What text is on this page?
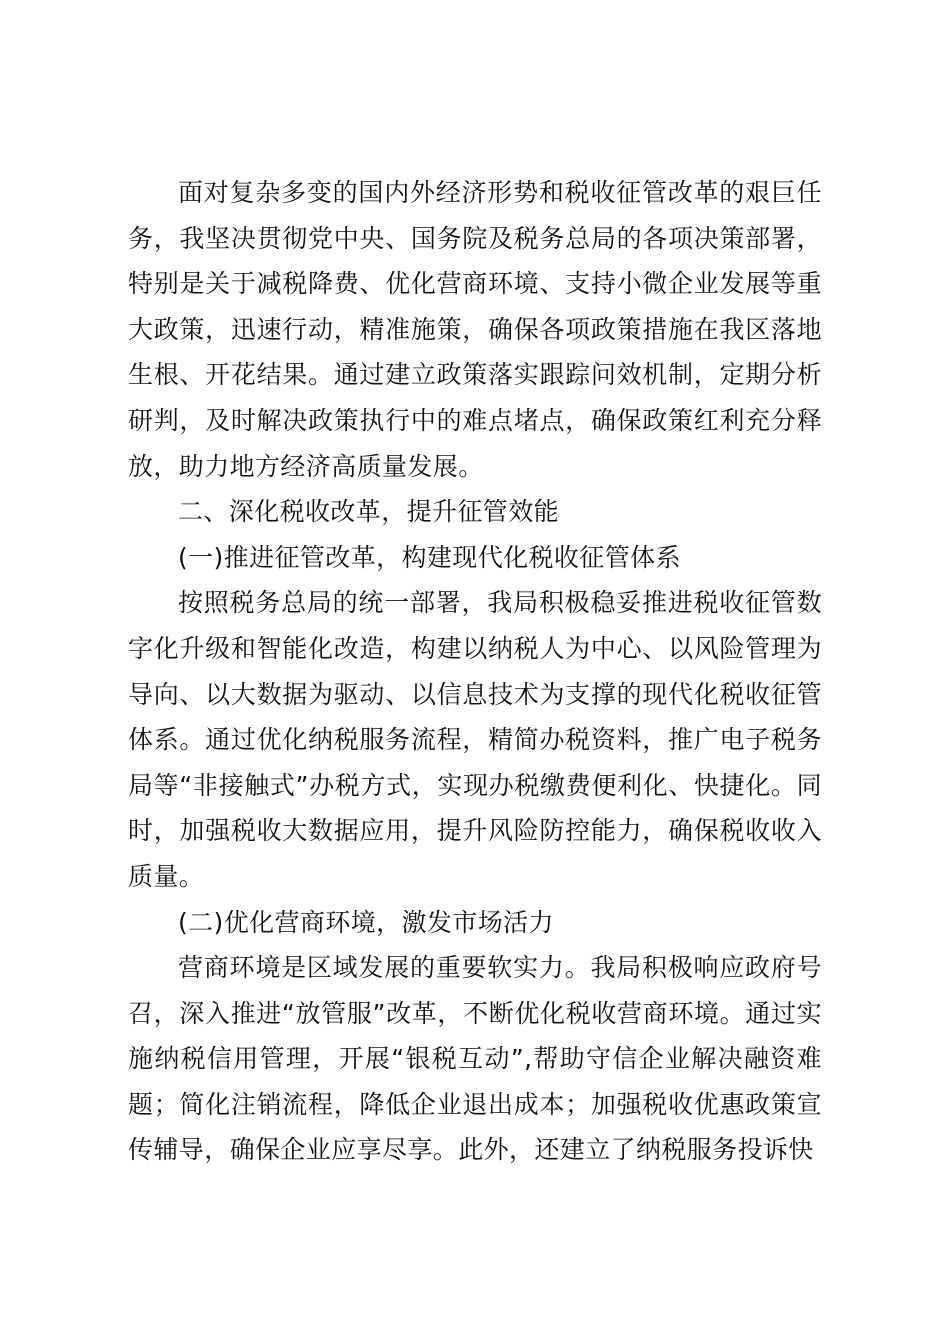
面对复杂多变的国内外经济形势和税收征管改革的艰巨任务，我坚决贯彻党中央、国务院及税务总局的各项决策部署，特别是关于减税降费、优化营商环境、支持小微企业发展等重大政策，迅速行动，精准施策，确保各项政策措施在我区落地生根、开花结果。通过建立政策落实跟踪问效机制，定期分析研判，及时解决政策执行中的难点堵点，确保政策红利充分释放，助力地方经济高质量发展。

二、深化税收改革，提升征管效能

(一)推进征管改革，构建现代化税收征管体系

按照税务总局的统一部署，我局积极稳妥推进税收征管数字化升级和智能化改造，构建以纳税人为中心、以风险管理为导向、以大数据为驱动、以信息技术为支撑的现代化税收征管体系。通过优化纳税服务流程，精简办税资料，推广电子税务局等“非接触式”办税方式，实现办税缴费便利化、快捷化。同时，加强税收大数据应用，提升风险防控能力，确保税收收入质量。

(二)优化营商环境，激发市场活力

营商环境是区域发展的重要软实力。我局积极响应政府号召，深入推进“放管服”改革，不断优化税收营商环境。通过实施纳税信用管理，开展“银税互动”,帮助守信企业解决融资难题；简化注销流程，降低企业退出成本；加强税收优惠政策宣传辅导，确保企业应享尽享。此外，还建立了纳税服务投诉快
